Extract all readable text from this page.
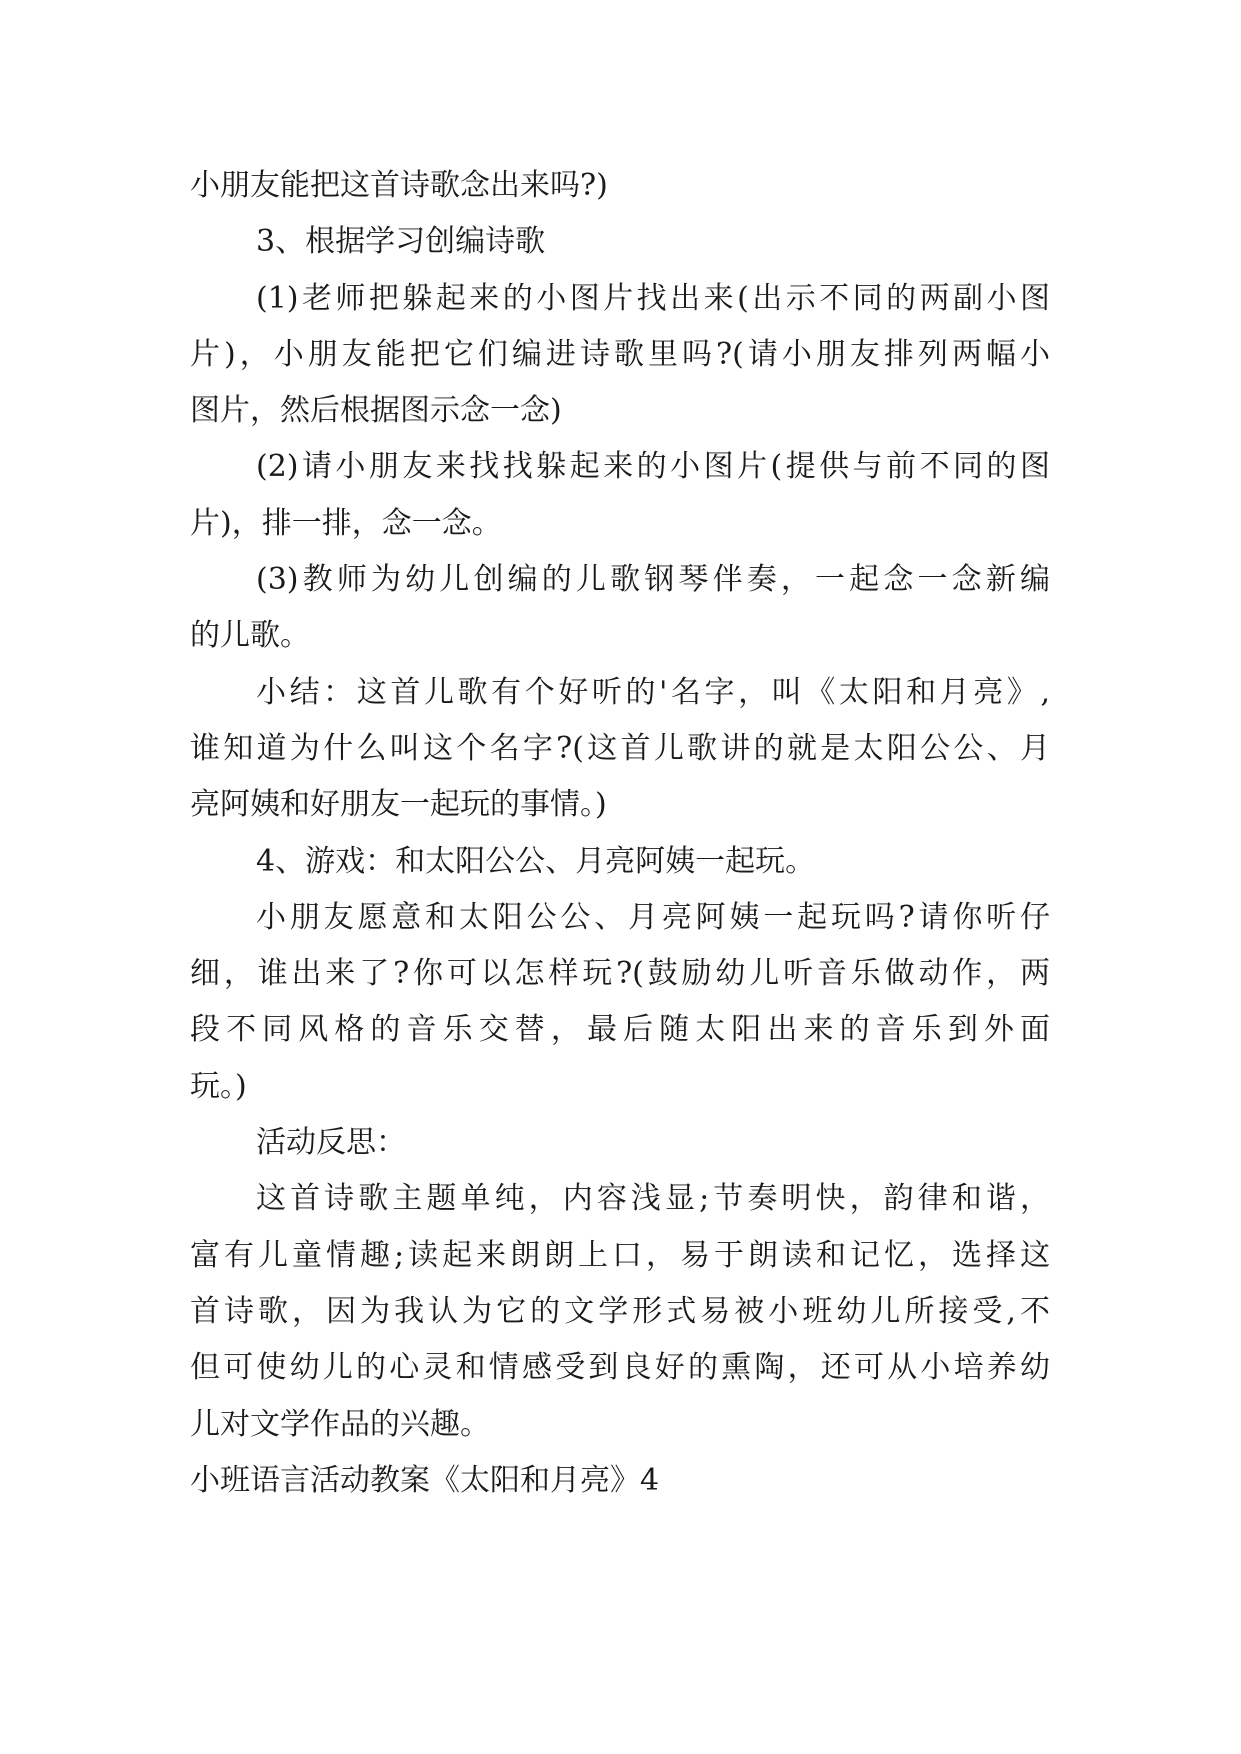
小朋友能把这首诗歌念出来吗?)
3、根据学习创编诗歌
(1)老师把躲起来的小图片找出来(出示不同的两副小图
片)，小朋友能把它们编进诗歌里吗?(请小朋友排列两幅小
图片，然后根据图示念一念)
(2)请小朋友来找找躲起来的小图片(提供与前不同的图
片)，排一排，念一念。
(3)教师为幼儿创编的儿歌钢琴伴奏，一起念一念新编
的儿歌。
小结：这首儿歌有个好听的'名字，叫《太阳和月亮》,
谁知道为什么叫这个名字?(这首儿歌讲的就是太阳公公、月
亮阿姨和好朋友一起玩的事情。)
4、游戏：和太阳公公、月亮阿姨一起玩。
小朋友愿意和太阳公公、月亮阿姨一起玩吗?请你听仔
细，谁出来了?你可以怎样玩?(鼓励幼儿听音乐做动作，两
段不同风格的音乐交替，最后随太阳出来的音乐到外面
玩。)
活动反思：
这首诗歌主题单纯，内容浅显;节奏明快，韵律和谐，
富有儿童情趣;读起来朗朗上口，易于朗读和记忆，选择这
首诗歌，因为我认为它的文学形式易被小班幼儿所接受,不
但可使幼儿的心灵和情感受到良好的熏陶，还可从小培养幼
儿对文学作品的兴趣。
小班语言活动教案《太阳和月亮》4
